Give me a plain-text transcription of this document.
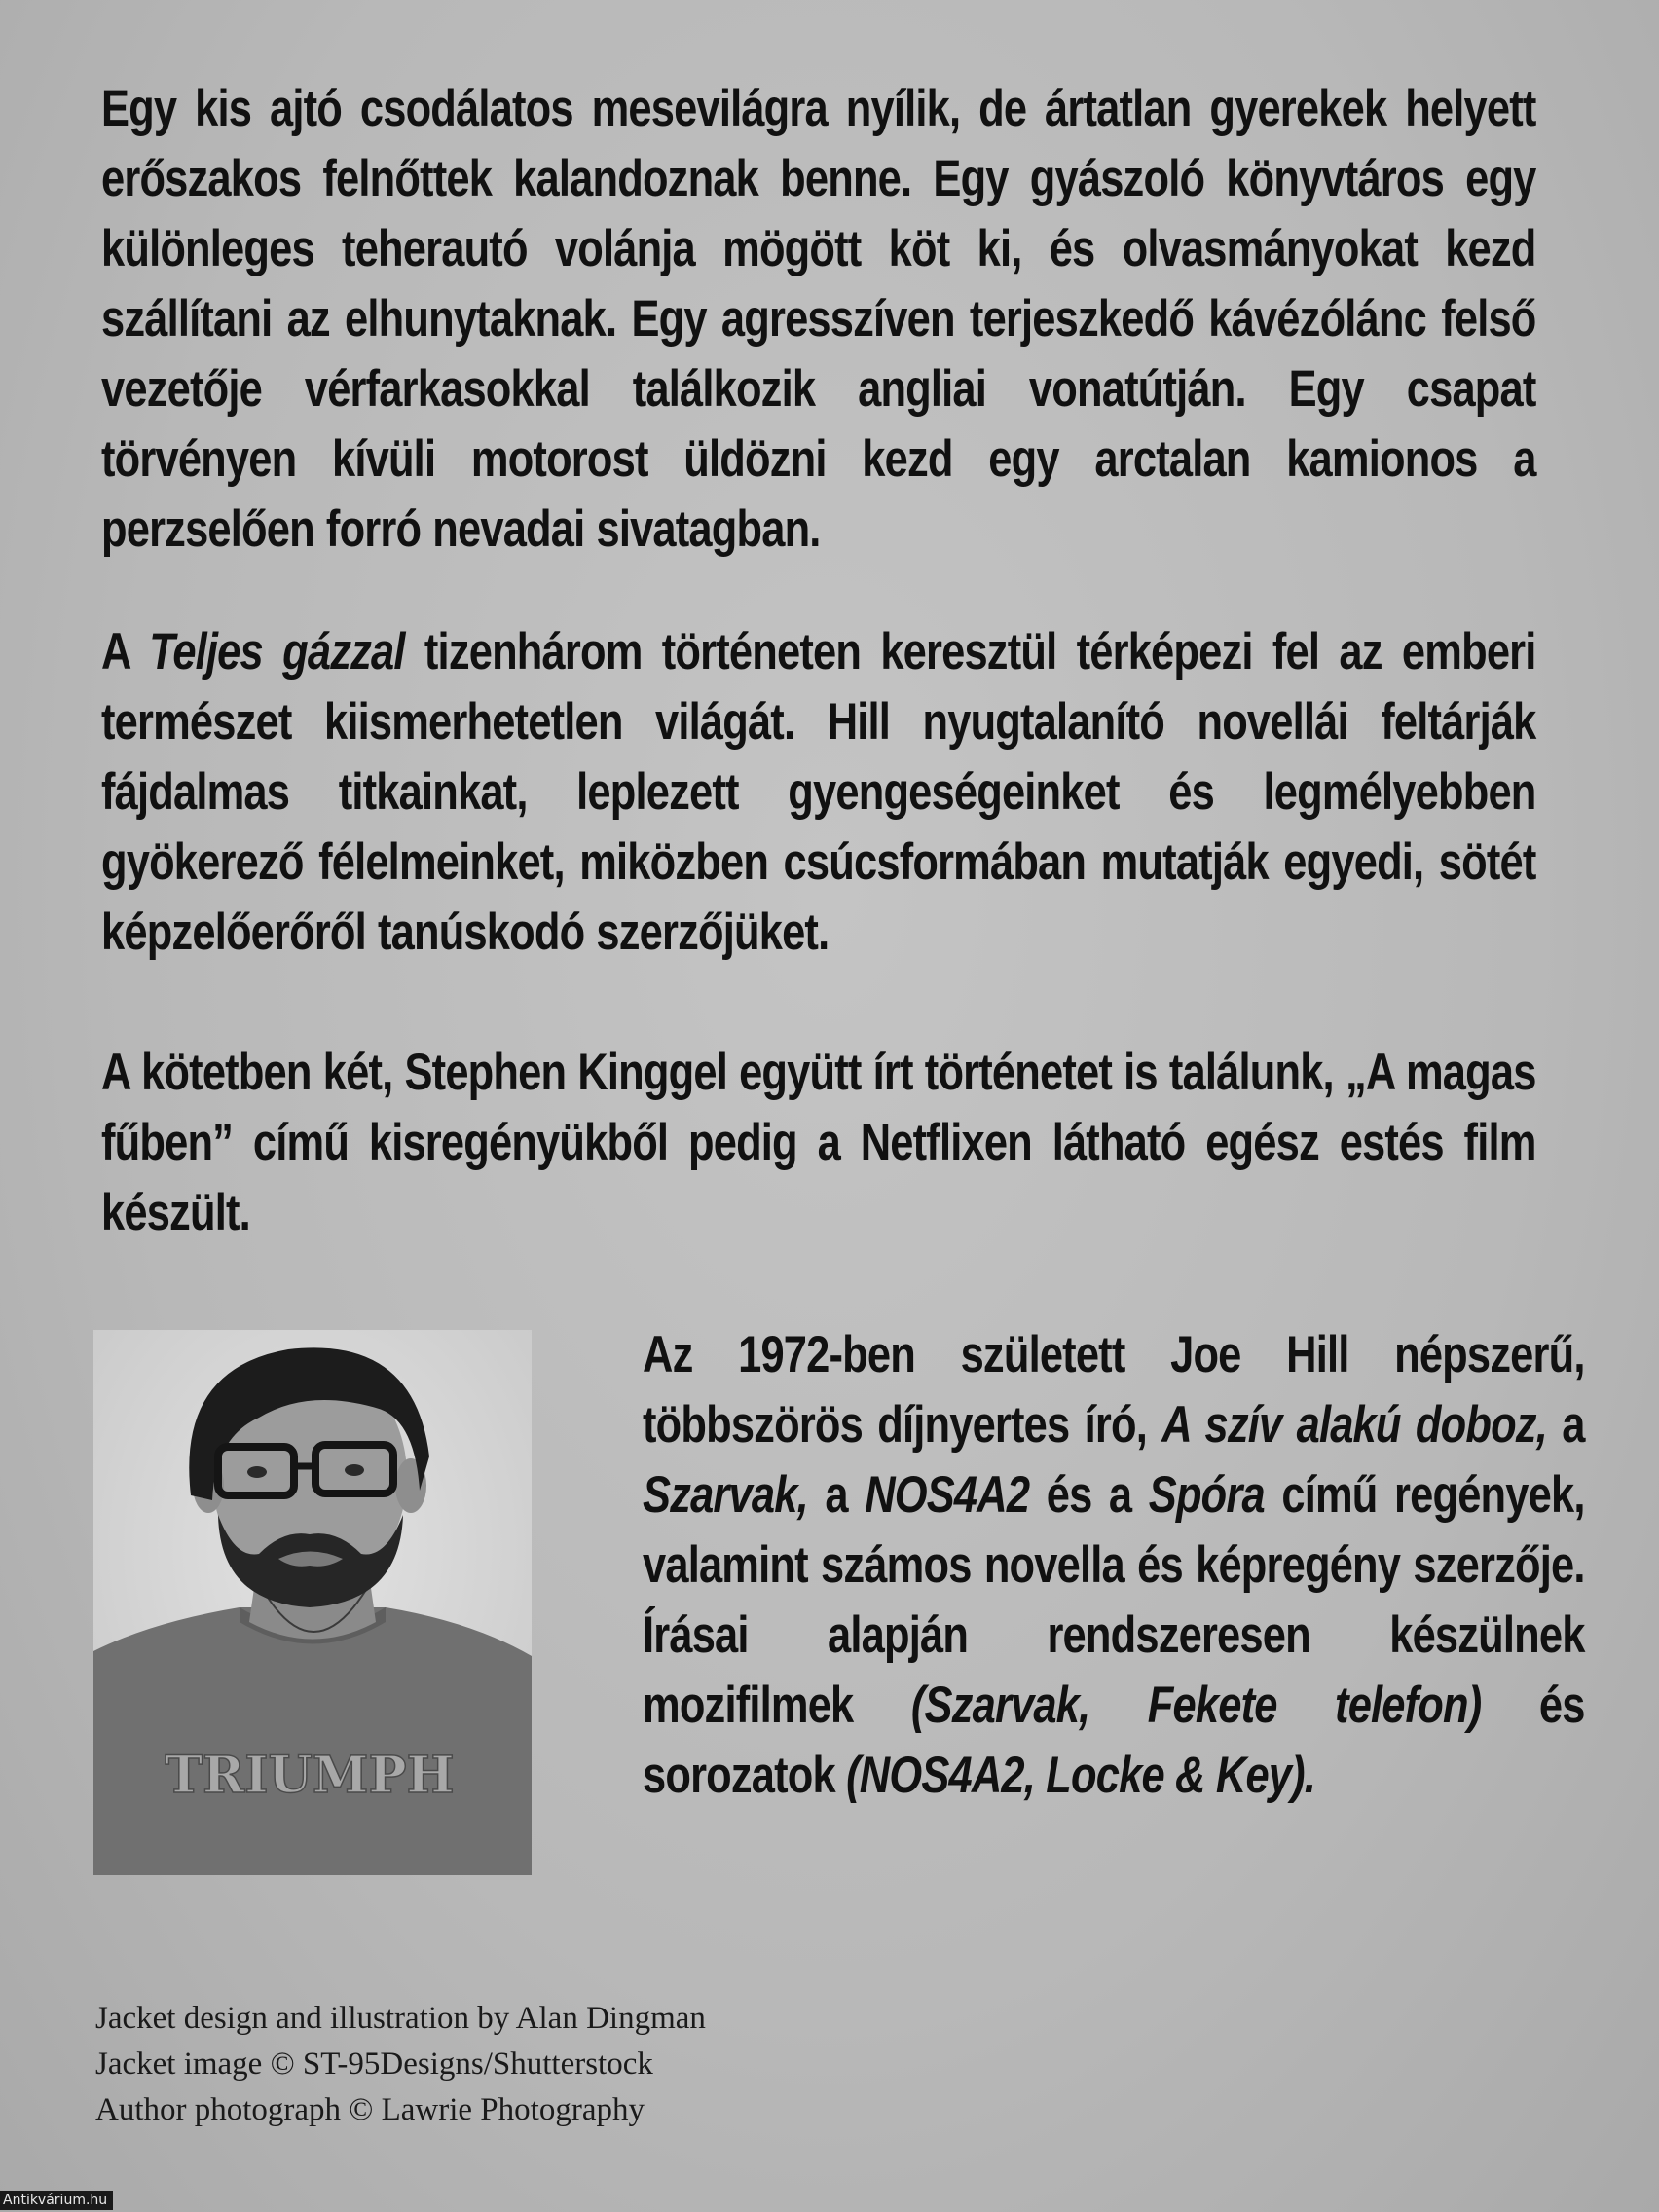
Egy kis ajtó csodálatos mesevilágra nyílik, de ártatlan gyerekek helyett erőszakos felnőttek kalandoznak benne. Egy gyászoló könyvtáros egy különleges teherautó volánja mögött köt ki, és olvasmányokat kezd szállítani az elhunytaknak. Egy agresszíven terjeszkedő kávézólánc felső vezetője vérfarkasokkal találkozik angliai vonatútján. Egy csapat törvényen kívüli motorost üldözni kezd egy arctalan kamionos a perzselően forró nevadai sivatagban.

A Teljes gázzal tizenhárom történeten keresztül térképezi fel az emberi természet kiismerhetetlen világát. Hill nyugtalanító novellái feltárják fájdalmas titkainkat, leplezett gyengeségeinket és legmélyebben gyökerező félelmeinket, miközben csúcsformában mutatják egyedi, sötét képzelőerőről tanúskodó szerzőjüket.

A kötetben két, Stephen Kinggel együtt írt történetet is találunk, „A magas fűben” című kisregényükből pedig a Netflixen látható egész estés film készült.

TRIUMPH

Az 1972-ben született Joe Hill népszerű, többszörös díjnyertes író, A szív alakú doboz, a Szarvak, a NOS4A2 és a Spóra című regények, valamint számos novella és képregény szerzője. Írásai alapján rendszeresen készülnek mozifilmek (Szarvak, Fekete telefon) és sorozatok (NOS4A2, Locke & Key).

Jacket design and illustration by Alan Dingman
Jacket image © ST-95Designs/Shutterstock
Author photograph © Lawrie Photography
Antikvárium.hu
